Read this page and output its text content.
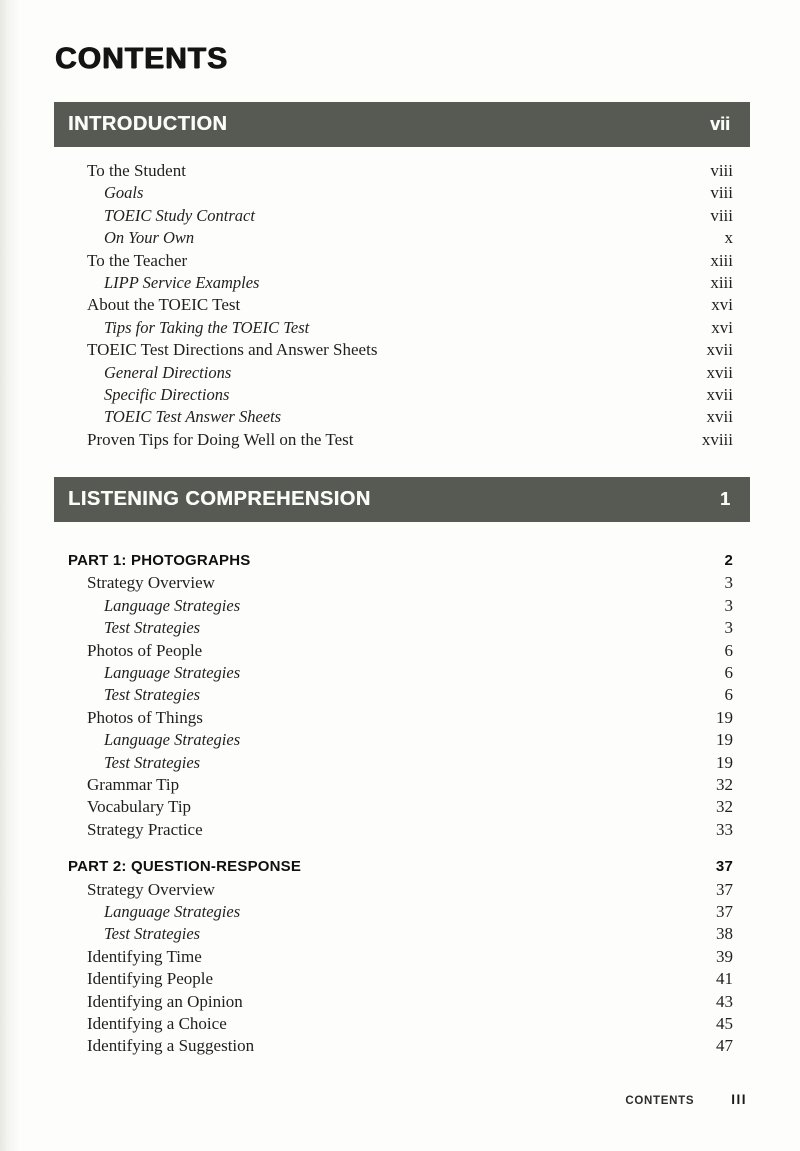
CONTENTS
INTRODUCTION	vii
To the Student	viii
Goals	viii
TOEIC Study Contract	viii
On Your Own	x
To the Teacher	xiii
LIPP Service Examples	xiii
About the TOEIC Test	xvi
Tips for Taking the TOEIC Test	xvi
TOEIC Test Directions and Answer Sheets	xvii
General Directions	xvii
Specific Directions	xvii
TOEIC Test Answer Sheets	xvii
Proven Tips for Doing Well on the Test	xviii
LISTENING COMPREHENSION	1
PART 1: PHOTOGRAPHS	2
Strategy Overview	3
Language Strategies	3
Test Strategies	3
Photos of People	6
Language Strategies	6
Test Strategies	6
Photos of Things	19
Language Strategies	19
Test Strategies	19
Grammar Tip	32
Vocabulary Tip	32
Strategy Practice	33
PART 2: QUESTION-RESPONSE	37
Strategy Overview	37
Language Strategies	37
Test Strategies	38
Identifying Time	39
Identifying People	41
Identifying an Opinion	43
Identifying a Choice	45
Identifying a Suggestion	47
CONTENTS	III
